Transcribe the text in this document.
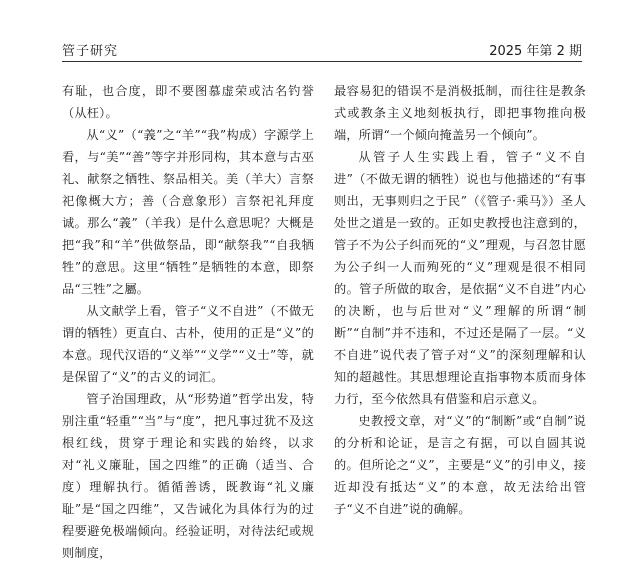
管子研究	2025 年第 2 期

有耻，也合度，即不要图慕虚荣或沽名钓誉（从枉）。

从“义”（“義”之“羊”“我”构成）字源学上看，与“美”“善”等字并形同构，其本意与古巫礼、献祭之牺牲、祭品相关。美（羊大）言祭祀像概大方；善（合意象形）言祭祀礼拜度诚。那么“義”（羊我）是什么意思呢？大概是把“我”和“羊”供做祭品，即“献祭我”“自我牺牲”的意思。这里“牺牲”是牺牲的本意，即祭品“三牲”之屬。

从文献学上看，管子“义不自进”（不做无谓的牺牲）更直白、古朴，使用的正是“义”的本意。现代汉语的“义举”“义学”“义士”等，就是保留了“义”的古义的词汇。

管子治国理政，从“形势道”哲学出发，特别注重“轻重”“当”与“度”，把凡事过犹不及这根红线，贯穿于理论和实践的始终，以求对“礼义廉耻，国之四维”的正确（适当、合度）理解执行。循循善诱，既教诲“礼义廉耻”是“国之四维”，又告诫化为具体行为的过程要避免极端倾向。经验证明，对待法纪或规则制度，

最容易犯的错误不是消极抵制，而往往是教条式或教条主义地刻板执行，即把事物推向极端，所谓“一个倾向掩盖另一个倾向”。

从管子人生实践上看，管子“义不自进”（不做无谓的牺牲）说也与他描述的“有事则出，无事则归之于民”（《管子·乘马》）圣人处世之道是一致的。正如史教授也注意到的，管子不为公子纠而死的“义”理观，与召忽甘愿为公子纠一人而殉死的“义”理观是很不相同的。管子所做的取舍，是依据“义不自进”内心的决断，也与后世对“义”理解的所谓“制断”“自制”并不违和，不过还是隔了一层。“义不自进”说代表了管子对“义”的深刻理解和认知的超越性。其思想理论直指事物本质而身体力行，至今依然具有借鉴和启示意义。

史教授文章，对“义”的“制断”或“自制”说的分析和论证，是言之有据，可以自圆其说的。但所论之“义”，主要是“义”的引申义，接近却没有抵达“义”的本意，故无法给出管子“义不自进”说的确解。
